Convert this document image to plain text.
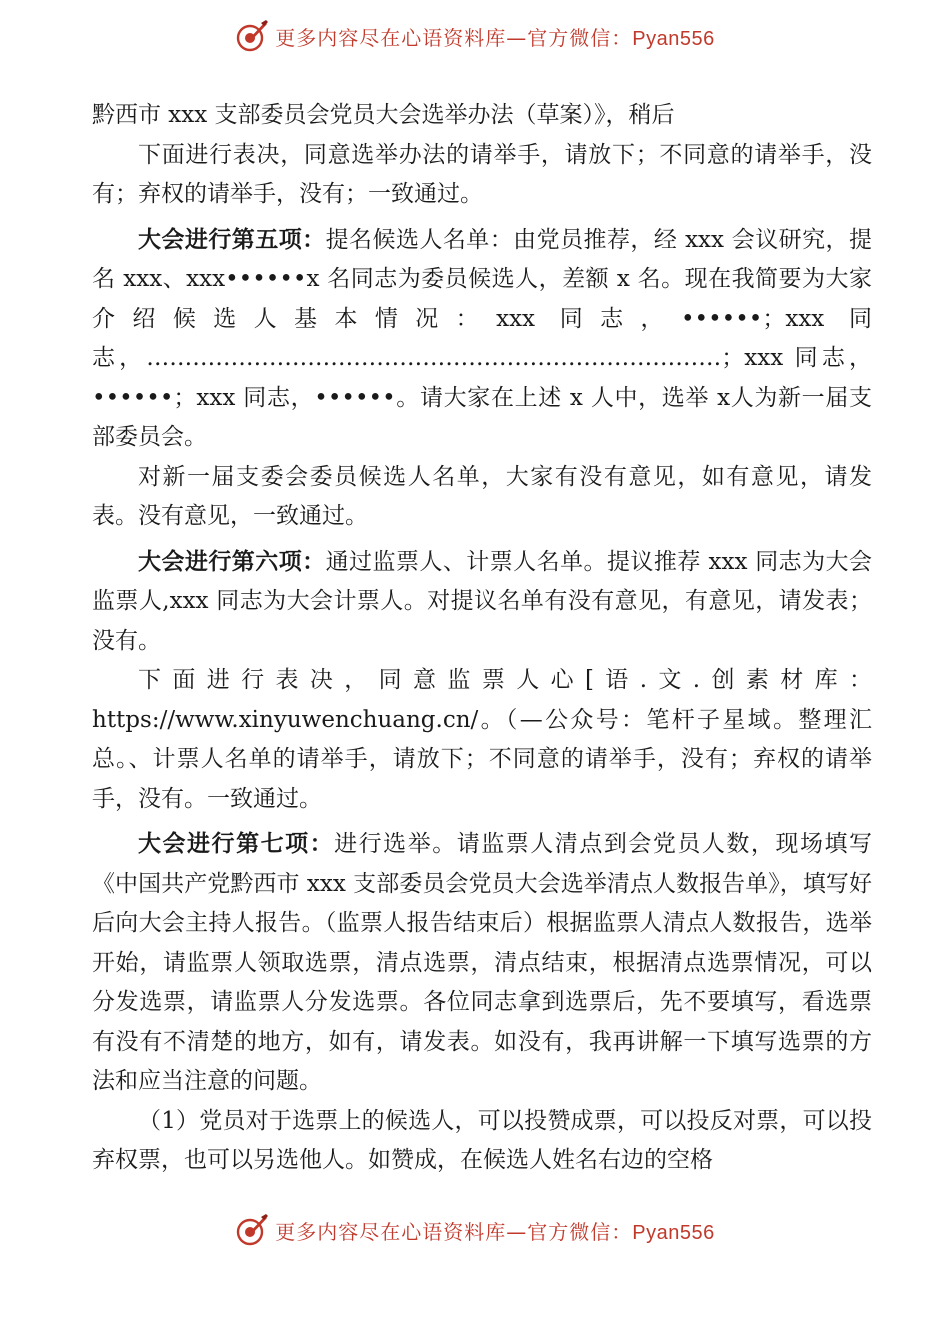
更多内容尽在心语资料库—官方微信：Pyan556

黔西市 xxx 支部委员会党员大会选举办法（草案）》，稍后

下面进行表决，同意选举办法的请举手，请放下；不同意的请举手，没有；弃权的请举手，没有；一致通过。

大会进行第五项：提名候选人名单：由党员推荐，经 xxx 会议研究，提名 xxx、xxx••••••x 名同志为委员候选人，差额 x 名。现在我简要为大家介绍候选人基本情况：xxx 同志，••••••；xxx 同志，…………………………………………………………………；xxx 同志，••••••；xxx 同志，••••••。请大家在上述 x 人中，选举 x人为新一届支部委员会。

对新一届支委会委员候选人名单，大家有没有意见，如有意见，请发表。没有意见，一致通过。

大会进行第六项：通过监票人、计票人名单。提议推荐 xxx 同志为大会监票人,xxx 同志为大会计票人。对提议名单有没有意见，有意见，请发表；没有。

下面进行表决，同意监票人心[语.文.创素材库：https://www.xinyuwenchuang.cn/。（—公众号：笔杆子星域。整理汇总。、计票人名单的请举手，请放下；不同意的请举手，没有；弃权的请举手，没有。一致通过。

大会进行第七项：进行选举。请监票人清点到会党员人数，现场填写《中国共产党黔西市 xxx 支部委员会党员大会选举清点人数报告单》，填写好后向大会主持人报告。（监票人报告结束后）根据监票人清点人数报告，选举开始，请监票人领取选票，清点选票，清点结束，根据清点选票情况，可以分发选票，请监票人分发选票。各位同志拿到选票后，先不要填写，看选票有没有不清楚的地方，如有，请发表。如没有，我再讲解一下填写选票的方法和应当注意的问题。

（1）党员对于选票上的候选人，可以投赞成票，可以投反对票，可以投弃权票，也可以另选他人。如赞成，在候选人姓名右边的空格

更多内容尽在心语资料库—官方微信：Pyan556
